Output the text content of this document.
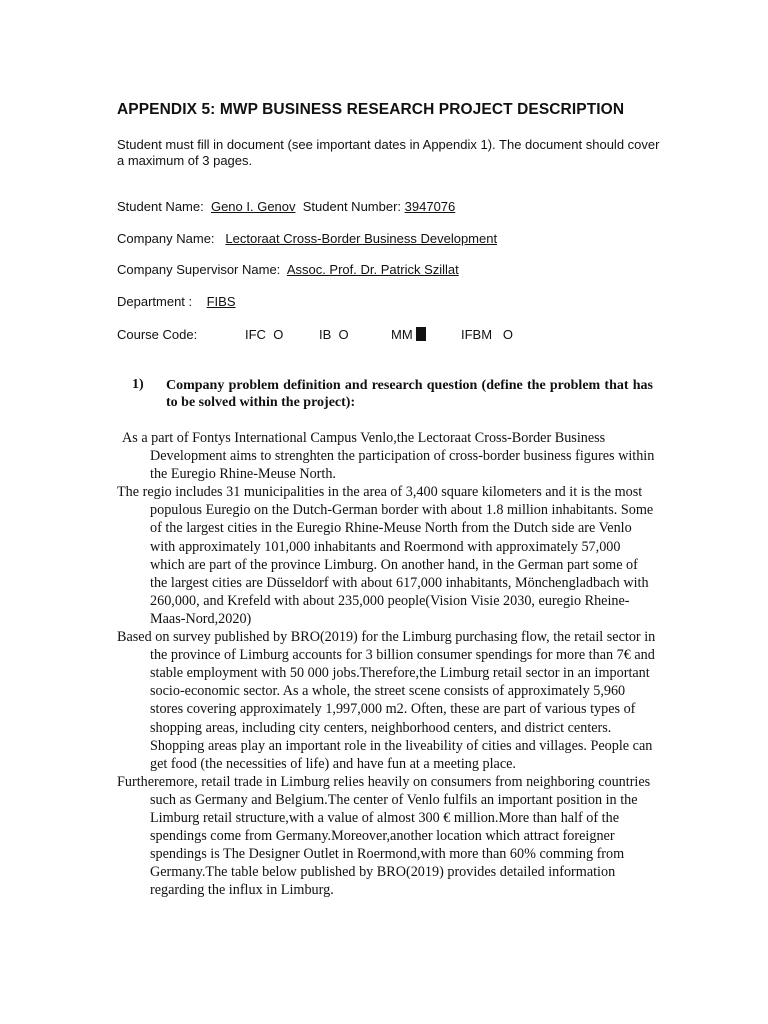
APPENDIX 5: MWP BUSINESS RESEARCH PROJECT DESCRIPTION
Student must fill in document (see important dates in Appendix 1). The document should cover a maximum of 3 pages.
Student Name: Geno I. Genov Student Number: 3947076
Company Name: Lectoraat Cross-Border Business Development
Company Supervisor Name: Assoc. Prof. Dr. Patrick Szillat
Department : FIBS
Course Code:	IFC O	IB O	MM	IFBM O
1) Company problem definition and research question (define the problem that has to be solved within the project):

As a part of Fontys International Campus Venlo,the Lectoraat Cross-Border Business Development aims to strenghten the participation of cross-border business figures within the Euregio Rhine-Meuse North.

The regio includes 31 municipalities in the area of 3,400 square kilometers and it is the most populous Euregio on the Dutch-German border with about 1.8 million inhabitants. Some of the largest cities in the Euregio Rhine-Meuse North from the Dutch side are Venlo with approximately 101,000 inhabitants and Roermond with approximately 57,000 which are part of the province Limburg. On another hand, in the German part some of the largest cities are Düsseldorf with about 617,000 inhabitants, Mönchengladbach with 260,000, and Krefeld with about 235,000 people(Vision Visie 2030, euregio Rheine-Maas-Nord,2020)

Based on survey published by BRO(2019) for the Limburg purchasing flow, the retail sector in the province of Limburg accounts for 3 billion consumer spendings for more than 7€ and stable employment with 50 000 jobs.Therefore,the Limburg retail sector in an important socio-economic sector. As a whole, the street scene consists of approximately 5,960 stores covering approximately 1,997,000 m2. Often, these are part of various types of shopping areas, including city centers, neighborhood centers, and district centers. Shopping areas play an important role in the liveability of cities and villages. People can get food (the necessities of life) and have fun at a meeting place.

Furtheremore, retail trade in Limburg relies heavily on consumers from neighboring countries such as Germany and Belgium.The center of Venlo fulfils an important position in the Limburg retail structure,with a value of almost 300 € million.More than half of the spendings come from Germany.Moreover,another location which attract foreigner spendings is The Designer Outlet in Roermond,with more than 60% comming from Germany.The table below published by BRO(2019) provides detailed information regarding the influx in Limburg.
